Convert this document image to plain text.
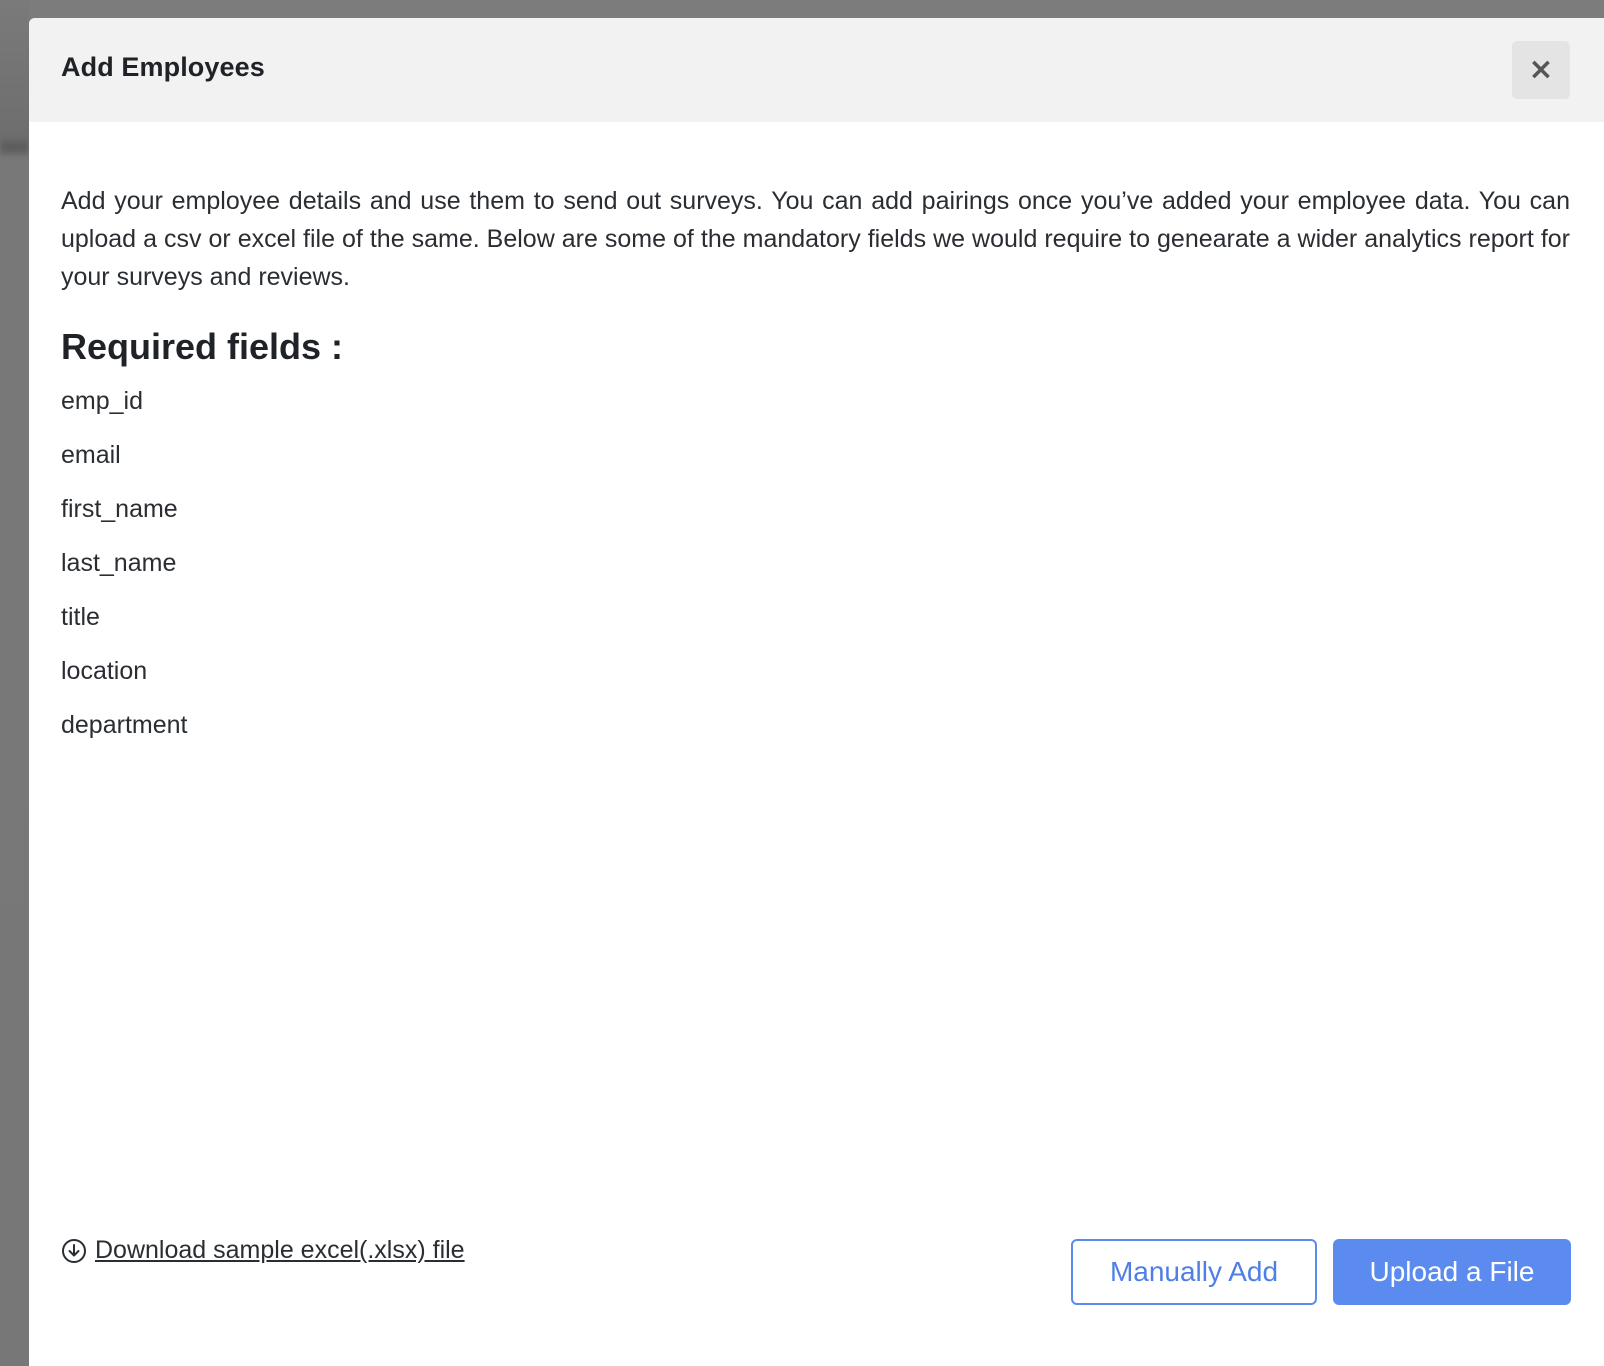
Add Employees	×

Add your employee details and use them to send out surveys. You can add pairings once you’ve added your employee data. You can upload a csv or excel file of the same. Below are some of the mandatory fields we would require to genearate a wider analytics report for your surveys and reviews.

Required fields :
emp_id
email
first_name
last_name
title
location
department
Download sample excel(.xlsx) file
Manually Add	Upload a File
